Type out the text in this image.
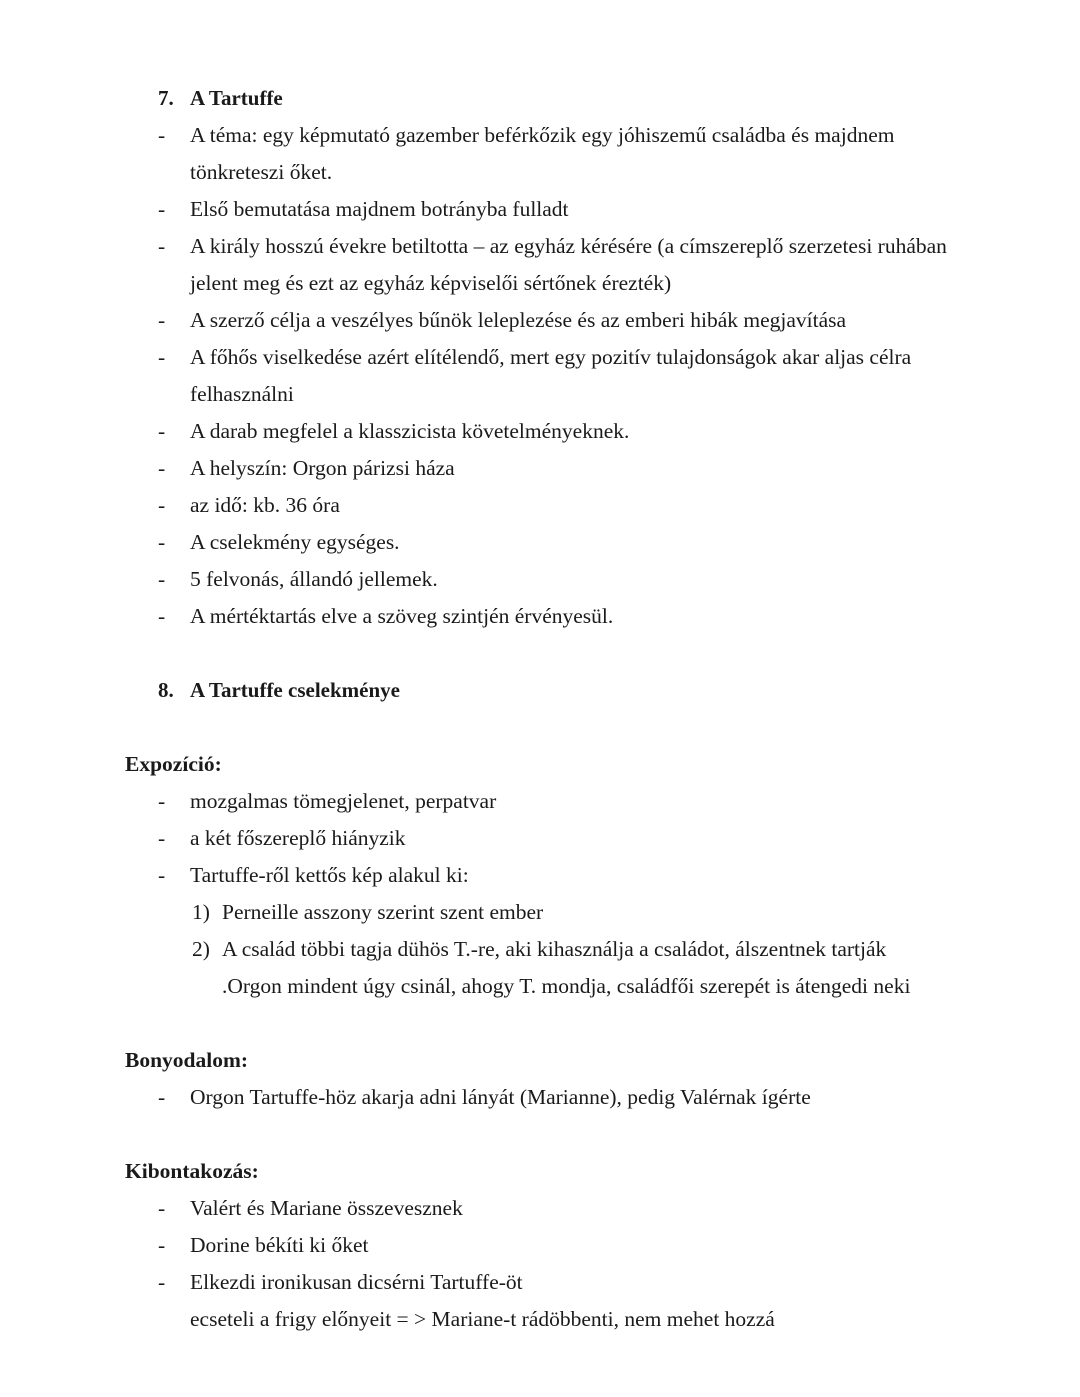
7. A Tartuffe
-	A téma: egy képmutató gazember beférkőzik egy jóhiszemű családba és majdnem tönkreteszi őket.
-	Első bemutatása majdnem botrányba fulladt
-	A király hosszú évekre betiltotta – az egyház kérésére (a címszereplő szerzetesi ruhában jelent meg és ezt az egyház képviselői sértőnek érezték)
-	A szerző célja a veszélyes bűnök leleplezése és az emberi hibák megjavítása
-	A főhős viselkedése azért elítélendő, mert egy pozitív tulajdonságok akar aljas célra felhasználni
-	A darab megfelel a klasszicista követelményeknek.
-	A helyszín: Orgon párizsi háza
-	az idő: kb. 36 óra
-	A cselekmény egységes.
-	5 felvonás, állandó jellemek.
-	A mértéktartás elve a szöveg szintjén érvényesül.
8. A Tartuffe cselekménye
Expozíció:
-	mozgalmas tömegjelenet, perpatvar
-	a két főszereplő hiányzik
-	Tartuffe-ről kettős kép alakul ki:
1) Perneille asszony szerint szent ember
2) A család többi tagja dühös T.-re, aki kihasználja a családot, álszentnek tartják .Orgon mindent úgy csinál, ahogy T. mondja, családfői szerepét is átengedi neki
Bonyodalom:
-	Orgon Tartuffe-höz akarja adni lányát (Marianne), pedig Valérnak ígérte
Kibontakozás:
-	Valért és Mariane összevesznek
-	Dorine békíti ki őket
-	Elkezdi ironikusan dicsérni Tartuffe-öt
ecseteli a frigy előnyeit = > Mariane-t rádöbbenti, nem mehet hozzá
